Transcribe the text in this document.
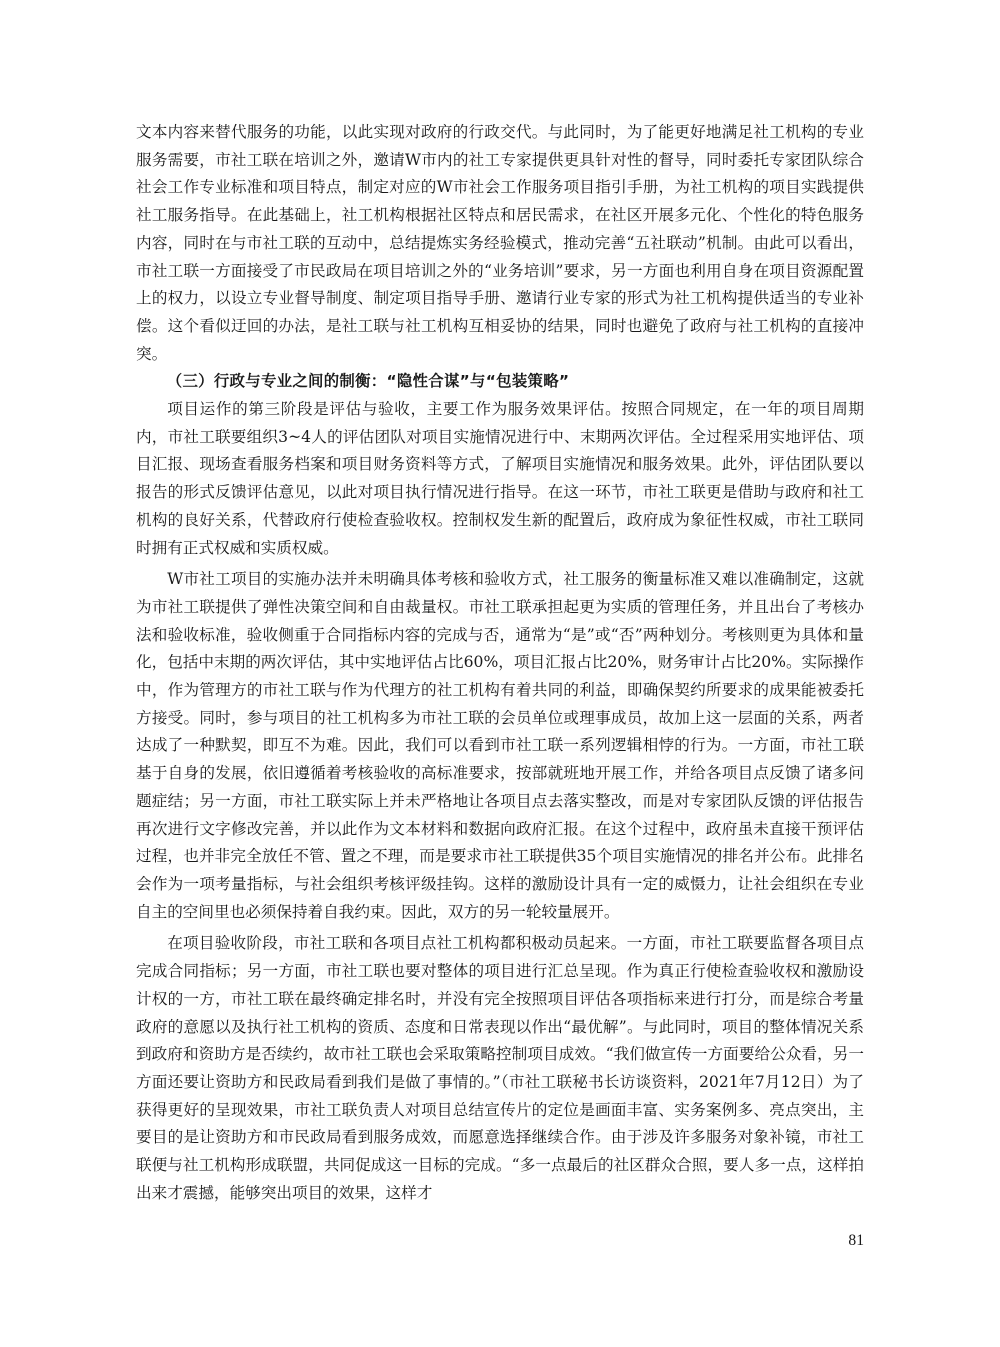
文本内容来替代服务的功能，以此实现对政府的行政交代。与此同时，为了能更好地满足社工机构的专业服务需要，市社工联在培训之外，邀请W市内的社工专家提供更具针对性的督导，同时委托专家团队综合社会工作专业标准和项目特点，制定对应的W市社会工作服务项目指引手册，为社工机构的项目实践提供社工服务指导。在此基础上，社工机构根据社区特点和居民需求，在社区开展多元化、个性化的特色服务内容，同时在与市社工联的互动中，总结提炼实务经验模式，推动完善“五社联动”机制。由此可以看出，市社工联一方面接受了市民政局在项目培训之外的“业务培训”要求，另一方面也利用自身在项目资源配置上的权力，以设立专业督导制度、制定项目指导手册、邀请行业专家的形式为社工机构提供适当的专业补偿。这个看似迂回的办法，是社工联与社工机构互相妥协的结果，同时也避免了政府与社工机构的直接冲突。

（三）行政与专业之间的制衡：“隐性合谋”与“包装策略”

项目运作的第三阶段是评估与验收，主要工作为服务效果评估。按照合同规定，在一年的项目周期内，市社工联要组织3~4人的评估团队对项目实施情况进行中、末期两次评估。全过程采用实地评估、项目汇报、现场查看服务档案和项目财务资料等方式，了解项目实施情况和服务效果。此外，评估团队要以报告的形式反馈评估意见，以此对项目执行情况进行指导。在这一环节，市社工联更是借助与政府和社工机构的良好关系，代替政府行使检查验收权。控制权发生新的配置后，政府成为象征性权威，市社工联同时拥有正式权威和实质权威。

W市社工项目的实施办法并未明确具体考核和验收方式，社工服务的衡量标准又难以准确制定，这就为市社工联提供了弹性决策空间和自由裁量权。市社工联承担起更为实质的管理任务，并且出台了考核办法和验收标准，验收侧重于合同指标内容的完成与否，通常为“是”或“否”两种划分。考核则更为具体和量化，包括中末期的两次评估，其中实地评估占比60%，项目汇报占比20%，财务审计占比20%。实际操作中，作为管理方的市社工联与作为代理方的社工机构有着共同的利益，即确保契约所要求的成果能被委托方接受。同时，参与项目的社工机构多为市社工联的会员单位或理事成员，故加上这一层面的关系，两者达成了一种默契，即互不为难。因此，我们可以看到市社工联一系列逻辑相悖的行为。一方面，市社工联基于自身的发展，依旧遵循着考核验收的高标准要求，按部就班地开展工作，并给各项目点反馈了诸多问题症结；另一方面，市社工联实际上并未严格地让各项目点去落实整改，而是对专家团队反馈的评估报告再次进行文字修改完善，并以此作为文本材料和数据向政府汇报。在这个过程中，政府虽未直接干预评估过程，也并非完全放任不管、置之不理，而是要求市社工联提供35个项目实施情况的排名并公布。此排名会作为一项考量指标，与社会组织考核评级挂钩。这样的激励设计具有一定的威慑力，让社会组织在专业自主的空间里也必须保持着自我约束。因此，双方的另一轮较量展开。

在项目验收阶段，市社工联和各项目点社工机构都积极动员起来。一方面，市社工联要监督各项目点完成合同指标；另一方面，市社工联也要对整体的项目进行汇总呈现。作为真正行使检查验收权和激励设计权的一方，市社工联在最终确定排名时，并没有完全按照项目评估各项指标来进行打分，而是综合考量政府的意愿以及执行社工机构的资质、态度和日常表现以作出“最优解”。与此同时，项目的整体情况关系到政府和资助方是否续约，故市社工联也会采取策略控制项目成效。“我们做宣传一方面要给公众看，另一方面还要让资助方和民政局看到我们是做了事情的。”（市社工联秘书长访谈资料，2021年7月12日）为了获得更好的呈现效果，市社工联负责人对项目总结宣传片的定位是画面丰富、实务案例多、亮点突出，主要目的是让资助方和市民政局看到服务成效，而愿意选择继续合作。由于涉及许多服务对象补镜，市社工联便与社工机构形成联盟，共同促成这一目标的完成。“多一点最后的社区群众合照，要人多一点，这样拍出来才震撼，能够突出项目的效果，这样才

81
